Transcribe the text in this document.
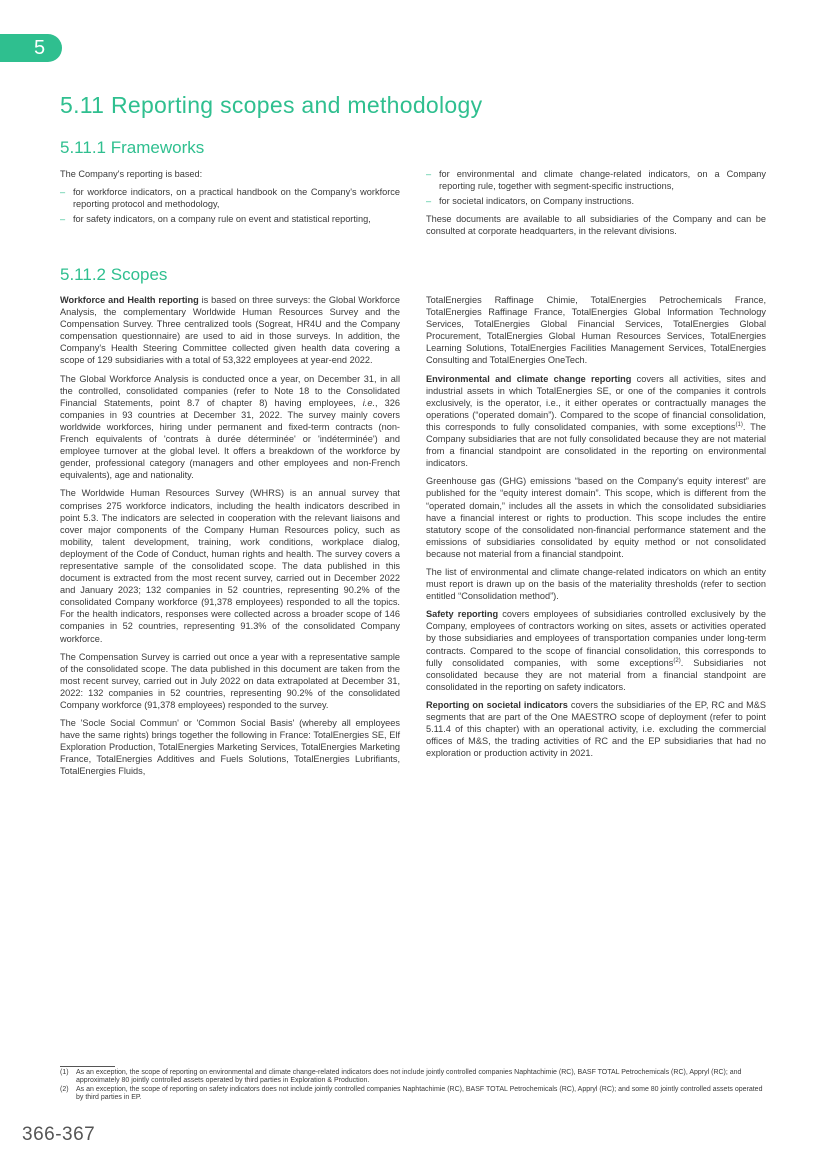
5
5.11 Reporting scopes and methodology
5.11.1 Frameworks

The Company's reporting is based:

– for workforce indicators, on a practical handbook on the Company's workforce reporting protocol and methodology,
– for safety indicators, on a company rule on event and statistical reporting,
– for environmental and climate change-related indicators, on a Company reporting rule, together with segment-specific instructions,
– for societal indicators, on Company instructions.

These documents are available to all subsidiaries of the Company and can be consulted at corporate headquarters, in the relevant divisions.

5.11.2 Scopes

Workforce and Health reporting is based on three surveys: the Global Workforce Analysis, the complementary Worldwide Human Resources Survey and the Compensation Survey. Three centralized tools (Sogreat, HR4U and the Company compensation questionnaire) are used to aid in those surveys. In addition, the Company's Health Steering Committee collected given health data covering a scope of 129 subsidiaries with a total of 53,322 employees at year-end 2022.

The Global Workforce Analysis is conducted once a year, on December 31, in all the controlled, consolidated companies (refer to Note 18 to the Consolidated Financial Statements, point 8.7 of chapter 8) having employees, i.e., 326 companies in 93 countries at December 31, 2022. The survey mainly covers worldwide workforces, hiring under permanent and fixed-term contracts (non-French equivalents of 'contrats à durée déterminée' or 'indéterminée') and employee turnover at the global level. It offers a breakdown of the workforce by gender, professional category (managers and other employees and non-French equivalents), age and nationality.

The Worldwide Human Resources Survey (WHRS) is an annual survey that comprises 275 workforce indicators, including the health indicators described in point 5.3. The indicators are selected in cooperation with the relevant liaisons and cover major components of the Company Human Resources policy, such as mobility, talent development, training, work conditions, workplace dialog, deployment of the Code of Conduct, human rights and health. The survey covers a representative sample of the consolidated scope. The data published in this document is extracted from the most recent survey, carried out in December 2022 and January 2023; 132 companies in 52 countries, representing 90.2% of the consolidated Company workforce (91,378 employees) responded to all the topics. For the health indicators, responses were collected across a broader scope of 146 companies in 52 countries, representing 91.3% of the consolidated Company workforce.

The Compensation Survey is carried out once a year with a representative sample of the consolidated scope. The data published in this document are taken from the most recent survey, carried out in July 2022 on data extrapolated at December 31, 2022: 132 companies in 52 countries, representing 90.2% of the consolidated Company workforce (91,378 employees) responded to the survey.

The 'Socle Social Commun' or 'Common Social Basis' (whereby all employees have the same rights) brings together the following in France: TotalEnergies SE, Elf Exploration Production, TotalEnergies Marketing Services, TotalEnergies Marketing France, TotalEnergies Additives and Fuels Solutions, TotalEnergies Lubrifiants, TotalEnergies Fluids,

TotalEnergies Raffinage Chimie, TotalEnergies Petrochemicals France, TotalEnergies Raffinage France, TotalEnergies Global Information Technology Services, TotalEnergies Global Financial Services, TotalEnergies Global Procurement, TotalEnergies Global Human Resources Services, TotalEnergies Learning Solutions, TotalEnergies Facilities Management Services, TotalEnergies Consulting and TotalEnergies OneTech.

Environmental and climate change reporting covers all activities, sites and industrial assets in which TotalEnergies SE, or one of the companies it controls exclusively, is the operator, i.e., it either operates or contractually manages the operations (“operated domain”). Compared to the scope of financial consolidation, this corresponds to fully consolidated companies, with some exceptions$^{(1)}$. The Company subsidiaries that are not fully consolidated because they are not material from a financial standpoint are consolidated in the reporting on environmental indicators.

Greenhouse gas (GHG) emissions “based on the Company's equity interest” are published for the “equity interest domain”. This scope, which is different from the “operated domain,” includes all the assets in which the consolidated subsidiaries have a financial interest or rights to production. This scope includes the entire statutory scope of the consolidated non-financial performance statement and the emissions of subsidiaries consolidated by equity method or not consolidated because not material from a financial standpoint.

The list of environmental and climate change-related indicators on which an entity must report is drawn up on the basis of the materiality thresholds (refer to section entitled “Consolidation method”).

Safety reporting covers employees of subsidiaries controlled exclusively by the Company, employees of contractors working on sites, assets or activities operated by those subsidiaries and employees of transportation companies under long-term contracts. Compared to the scope of financial consolidation, this corresponds to fully consolidated companies, with some exceptions$^{(2)}$. Subsidiaries not consolidated because they are not material from a financial standpoint are consolidated in the reporting on safety indicators.

Reporting on societal indicators covers the subsidiaries of the EP, RC and M&S segments that are part of the One MAESTRO scope of deployment (refer to point 5.11.4 of this chapter) with an operational activity, i.e. excluding the commercial offices of M&S, the trading activities of RC and the EP subsidiaries that had no exploration or production activity in 2021.

(1)	As an exception, the scope of reporting on environmental and climate change-related indicators does not include jointly controlled companies Naphtachimie (RC), BASF TOTAL Petrochemicals (RC), Appryl (RC); and approximately 80 jointly controlled assets operated by third parties in Exploration & Production.
(2)	As an exception, the scope of reporting on safety indicators does not include jointly controlled companies Naphtachimie (RC), BASF TOTAL Petrochemicals (RC), Appryl (RC); and some 80 jointly controlled assets operated by third parties in EP.
366-367
